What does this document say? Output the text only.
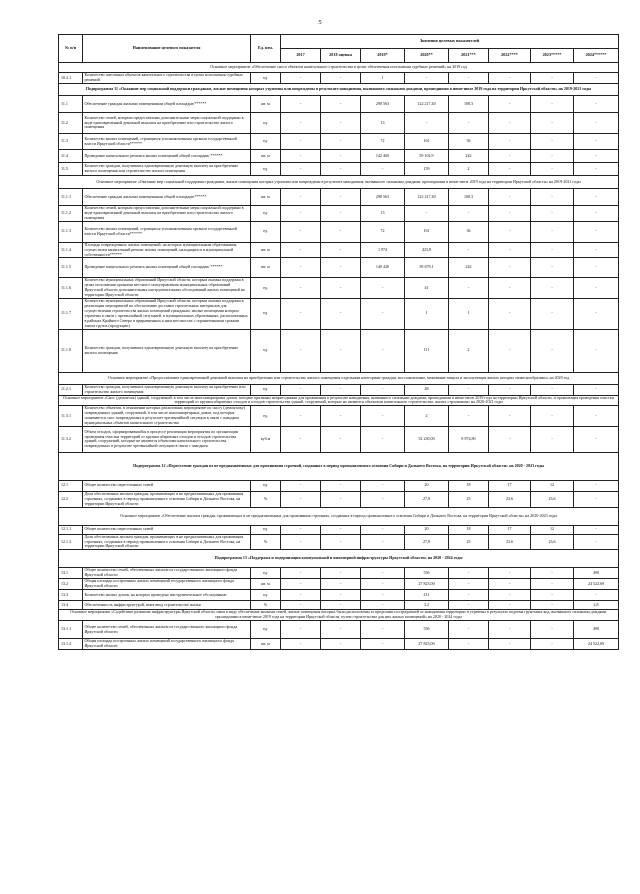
5
№ п/п	Наименование целевого показателя	Ед. изм.	Значения целевых показателей							
			2017	2018 оценка	2019*	2020**	2021***	2022****	2023*****	2024******
Основное мероприятие «Обеспечение сноса объектов капитального строительства в целях обеспечения исполнения судебных решений» на 2019 год										
10.2.1	Количество снесенных объектов капитального строительства в целях исполнения судебных решений	ед.	-	-	1	-	-	-	-	-
Подпрограмма 11 «Оказание мер социальной поддержки гражданам, жилые помещения которых утрачены или повреждены в результате наводнения, вызванного сильными дождями, прошедшими в июне-июле 2019 года на территории Иркутской области» на 2019-2021 годы										
11.1	Обеспечение граждан жилыми помещениями общей площадью******	кв. м	-	-	298 563	122 217,40	108,3	-	-	-
11.2	Количество семей, которым предоставлены дополнительные меры социальной поддержки в виде единовременной денежной выплаты на приобретение или строительство жилого помещения	ед.	-	-	13	-	-	-	-	-
11.3	Количество жилых помещений, строящихся уполномоченным органом государственной власти Иркутской области******	ед.	-	-	72	161	36	-	-	-
11.4	Проведение капитального ремонта жилых помещений общей площадью ******	кв. м	-	-	142 400	59 102,9	242	-	-	-
11.5	Количество граждан, получивших единовременную денежную выплату на приобретение жилого помещения или строительство жилого помещения	ед.	-	-	-	159	2	-	-	-
Основное мероприятие «Оказание мер социальной поддержки гражданам, жилые помещения которых утрачены или повреждены в результате наводнения, вызванного сильными дождями, прошедшими в июне-июле 2019 года на территории Иркутской области» на 2019-2021 годы										
11.1.1	Обеспечение граждан жилыми помещениями общей площадью******	кв. м	-	-	298 563	122 217,40	108,3	-	-	-
11.1.2	Количество семей, которым предоставлены дополнительные меры социальной поддержки в виде единовременной денежной выплаты на приобретение или строительство жилого помещения	ед.	-	-	13	-	-	-	-	-
11.1.3	Количество жилых помещений, строящихся уполномоченным органом государственной власти Иркутской области******	ед.	-	-	72	161	36	-	-	-
11.1.4	Площадь поврежденных жилых помещений, на которых муниципальным образованием, осуществлен капитальный ремонт жилых помещений, находящихся в муниципальной собственности******	кв. м	-	-	1 974	423,8	-	-	-	-
11.1.5	Проведение капитального ремонта жилых помещений общей площадью ******	кв. м	-	-	140 426	58 679,1	242	-	-	-
11.1.6	Количество муниципальных образований Иркутской области, которым оказана поддержка в целях исполнения органами местного самоуправления муниципальных образований Иркутской области дополнительных инструментальных обследований жилых помещений на территории Иркутской области	ед.	-	-	-	41	-	-	-	-
11.1.7	Количество муниципальных образований Иркутской области, которым оказана поддержка в реализации мероприятий по обеспечению доставки строительных материалов для осуществления строительства жилых помещений гражданам, жилые помещения которых утрачены в связи с чрезвычайной ситуацией, в муниципальных образованиях, расположенных в районах Крайнего Севера и приравненных к ним местностях с ограниченными сроками завоза грузов (продукции)	ед.	-	-	-	1	1	-	-	-
11.1.8	Количество граждан, получивших единовременную денежную выплату на приобретение жилого помещения	ед.	-	-	-	111	2	-	-	-
Основное мероприятие «Предоставление единовременной денежной выплаты на приобретение или строительство жилого помещения отдельным категориям граждан, восстановление, межевание защита и эксплуатация жилых которых межеснообразимо» на 2020 год										
11.2.1	Количество граждан, получивших единовременную денежную выплату на приобретение или строительство жилого помещения	ед.	-	-	-	48	-	-	-	-
Основное мероприятие «Снос (демонтаж) зданий, сооружений, в том числе многоквартирных домов, которые признаны непригодными для проживания в результате наводнения, вызванного сильными дождями, прошедшими в июне-июле 2019 года на территории Иркутской области, и организация проведения очистки территорий от крупногабаритных отходов и отходов строительства зданий, сооружений, которые не являются объектами капитального строительства, жилых строениями» на 2020-2021 годы										
11.3.1	Количество объектов, в отношении которых реализовано мероприятие по сносу (демонтажу) поврежденных зданий, сооружений, в том числе многоквартирных домов, под которых понимаются снос поврежденных в результате чрезвычайной ситуации в связи с паводком муниципальных объектов капитального строительства	ед.	-	-	-	2	-	-	-	-
11.3.2	Объем отходов, сформировавшийся в процессе реализации мероприятия по организации проведения очистки территорий от крупногабаритных отходов и отходов строительства зданий, сооружений, которые не являются объектами капитального строительства, поврежденных в результате чрезвычайной ситуации в связи с паводком	куб.м	-	-	-	52 230,00	8 874,80	-	-	-
Подпрограмма 12 «Переселение граждан из не предназначенных для проживания строений, созданных в период промышленного освоения Сибири и Дальнего Востока, на территории Иркутской области» на 2020 - 2023 годы										
12.1	Общее количество переселенных семей	ед.	-	-	-	20	18	17	12	-
12.2	Доля обеспеченных жильем граждан, проживающих в не предназначенных для проживания строениях, созданных в период промышленного освоения Сибири и Дальнего Востока, на территории Иркутской области	%	-	-	-	27,8	25	23,6	23,6	-
Основное мероприятие «Обеспечение жильем граждан, проживающих в не предназначенных для проживания строениях, созданных в период промышленного освоения Сибири и Дальнего Востока, на территории Иркутской области» на 2020-2023 годы										
12.1.1	Общее количество переселенных семей	ед.	-	-	-	20	18	17	12	-
12.1.2	Доля обеспеченных жильем граждан, проживающих в не предназначенных для проживания строениях, созданных в период промышленного освоения Сибири и Дальнего Востока, на территории Иркутской области	%	-	-	-	27,8	25	23,6	23,6	-
Подпрограмма 13 «Поддержка и модернизация коммунальной и инженерной инфраструктуры Иркутской области» на 2020 - 2024 годы										
13.1	Общее количество семей, обеспеченных жильем из государственного жилищного фонда Иркутской области	ед.	-	-	-	556	-	-	-	490
13.2	Общая площадь построенных жилых помещений государственного жилищного фонда Иркутской области	кв. м	-	-	-	27 823,00	-	-	-	24 522,69
13.3	Количество жилых домов, на которых проведено инструментальное обследование	ед.	-	-	-	411	-	-	-	-
13.4	Обеспеченность инфраструктурой, имея ввод строительство жилья	%	-	-	-	3,2	-	-	-	2,8
Основное мероприятие «Содействие развитию инфраструктуры Иркутской области, имея в виду обеспечение жилыми семей, жилые помещения которых были расположены за пределами пострадавшей от наводнения территории и утрачены в результате подъема грунтовых вод, вызванного сильными дождями, прошедшими в июне-июле 2019 года на территории Иркутской области, путем строительства для них жилых помещений» на 2020 - 2024 годы										
13.1.1	Общее количество семей, обеспеченных жильем из государственного жилищного фонда Иркутской области	ед.	-	-	-	556	-	-	-	490
13.1.2	Общая площадь построенных жилых помещений государственного жилищного фонда Иркутской области	кв. м	-	-	-	27 823,00	-	-	-	24 522,69
